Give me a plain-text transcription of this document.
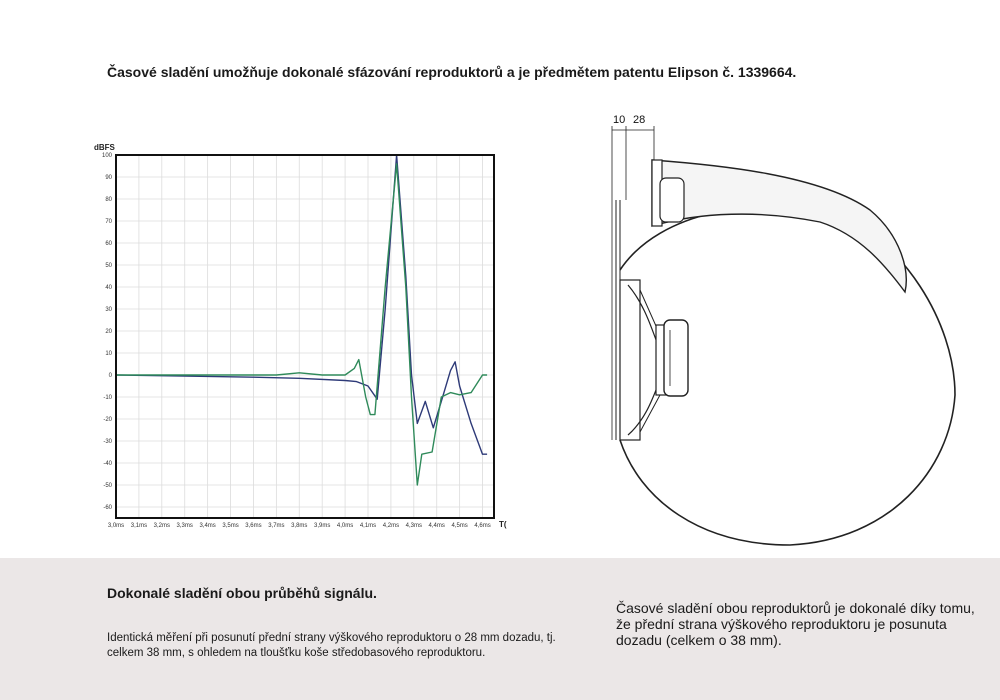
Časové sladění umožňuje dokonalé sfázování reproduktorů a je předmětem patentu Elipson č. 1339664.
100
90
80
70
60
50
40
30
20
10
0
-10
-20
-30
-40
-50
-60
3,0ms 3,1ms 3,2ms 3,3ms 3,4ms 3,5ms 3,6ms 3,7ms 3,8ms 3,9ms 4,0ms 4,1ms 4,2ms 4,3ms 4,4ms 4,5ms 4,6ms
dBFS
T(
10 28
Dokonalé sladění obou průběhů signálu.
Identická měření při posunutí přední strany výškového reproduktoru o 28 mm dozadu, tj. celkem 38 mm, s ohledem na tloušťku koše středobasového reproduktoru.
Časové sladění obou reproduktorů je dokonalé díky tomu, že přední strana výškového reproduktoru je posunuta dozadu (celkem o 38 mm).
